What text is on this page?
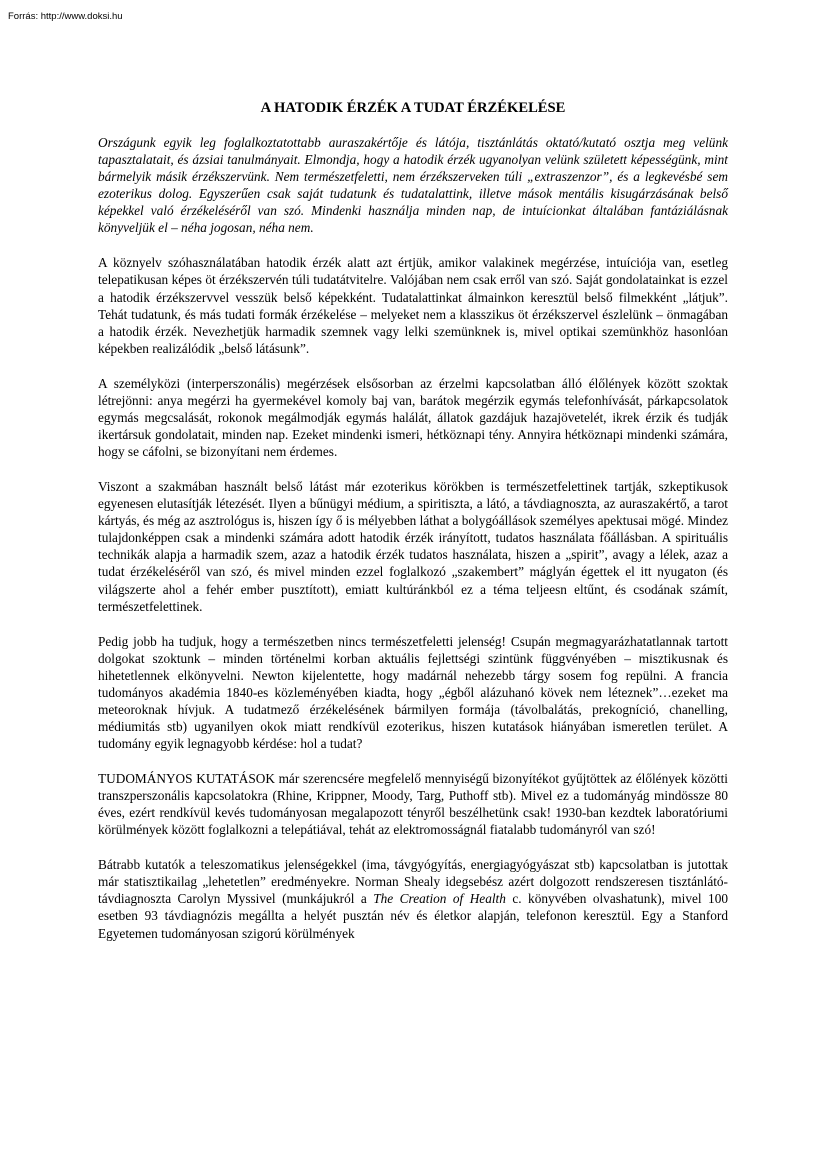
Forrás: http://www.doksi.hu

A HATODIK ÉRZÉK A TUDAT ÉRZÉKELÉSE

Országunk egyik leg foglalkoztatottabb auraszakértője és látója, tisztánlátás oktató/kutató osztja meg velünk tapasztalatait, és ázsiai tanulmányait. Elmondja, hogy a hatodik érzék ugyanolyan velünk született képességünk, mint bármelyik másik érzékszervünk. Nem természetfeletti, nem érzékszerveken túli „extraszenzor”, és a legkevésbé sem ezoterikus dolog. Egyszerűen csak saját tudatunk és tudatalattink, illetve mások mentális kisugárzásának belső képekkel való érzékeléséről van szó. Mindenki használja minden nap, de intuícionkat általában fantáziálásnak könyveljük el – néha jogosan, néha nem.

A köznyelv szóhasználatában hatodik érzék alatt azt értjük, amikor valakinek megérzése, intuíciója van, esetleg telepatikusan képes öt érzékszervén túli tudatátvitelre. Valójában nem csak erről van szó. Saját gondolatainkat is ezzel a hatodik érzékszervvel vesszük belső képekként. Tudatalattinkat álmainkon keresztül belső filmekként „látjuk”. Tehát tudatunk, és más tudati formák érzékelése – melyeket nem a klasszikus öt érzékszervel észlelünk – önmagában a hatodik érzék. Nevezhetjük harmadik szemnek vagy lelki szemünknek is, mivel optikai szemünkhöz hasonlóan képekben realizálódik „belső látásunk”.

A személyközi (interperszonális) megérzések elsősorban az érzelmi kapcsolatban álló élőlények között szoktak létrejönni: anya megérzi ha gyermekével komoly baj van, barátok megérzik egymás telefonhívását, párkapcsolatok egymás megcsalását, rokonok megálmodják egymás halálát, állatok gazdájuk hazajövetelét, ikrek érzik és tudják ikertársuk gondolatait, minden nap. Ezeket mindenki ismeri, hétköznapi tény. Annyira hétköznapi mindenki számára, hogy se cáfolni, se bizonyítani nem érdemes.

Viszont a szakmában használt belső látást már ezoterikus körökben is természetfelettinek tartják, szkeptikusok egyenesen elutasítják létezését. Ilyen a bűnügyi médium, a spiritiszta, a látó, a távdiagnoszta, az auraszakértő, a tarot kártyás, és még az asztrológus is, hiszen így ő is mélyebben láthat a bolygóállások személyes apektusai mögé. Mindez tulajdonképpen csak a mindenki számára adott hatodik érzék irányított, tudatos használata főállásban. A spirituális technikák alapja a harmadik szem, azaz a hatodik érzék tudatos használata, hiszen a „spirit”, avagy a lélek, azaz a tudat érzékeléséről van szó, és mivel minden ezzel foglalkozó „szakembert” máglyán égettek el itt nyugaton (és világszerte ahol a fehér ember pusztított), emiatt kultúránkból ez a téma teljeesn eltűnt, és csodának számít, természetfelettinek.

Pedig jobb ha tudjuk, hogy a természetben nincs természetfeletti jelenség! Csupán megmagyarázhatatlannak tartott dolgokat szoktunk – minden történelmi korban aktuális fejlettségi szintünk függvényében – misztikusnak és hihetetlennek elkönyvelni. Newton kijelentette, hogy madárnál nehezebb tárgy sosem fog repülni. A francia tudományos akadémia 1840-es közleményében kiadta, hogy „égből alázuhanó kövek nem léteznek”…ezeket ma meteoroknak hívjuk. A tudatmező érzékelésének bármilyen formája (távolbalátás, prekogníció, chanelling, médiumitás stb) ugyanilyen okok miatt rendkívül ezoterikus, hiszen kutatások hiányában ismeretlen terület. A tudomány egyik legnagyobb kérdése: hol a tudat?

TUDOMÁNYOS KUTATÁSOK már szerencsére megfelelő mennyiségű bizonyítékot gyűjtöttek az élőlények közötti transzperszonális kapcsolatokra (Rhine, Krippner, Moody, Targ, Puthoff stb). Mivel ez a tudományág mindössze 80 éves, ezért rendkívül kevés tudományosan megalapozott tényről beszélhetünk csak! 1930-ban kezdtek laboratóriumi körülmények között foglalkozni a telepátiával, tehát az elektromosságnál fiatalabb tudományról van szó!

Bátrabb kutatók a teleszomatikus jelenségekkel (ima, távgyógyítás, energiagyógyászat stb) kapcsolatban is jutottak már statisztikailag „lehetetlen” eredményekre. Norman Shealy idegsebész azért dolgozott rendszeresen tisztánlátó-távdiagnoszta Carolyn Myssivel (munkájukról a The Creation of Health c. könyvében olvashatunk), mivel 100 esetben 93 távdiagnózis megállta a helyét pusztán név és életkor alapján, telefonon keresztül. Egy a Stanford Egyetemen tudományosan szigorú körülmények
